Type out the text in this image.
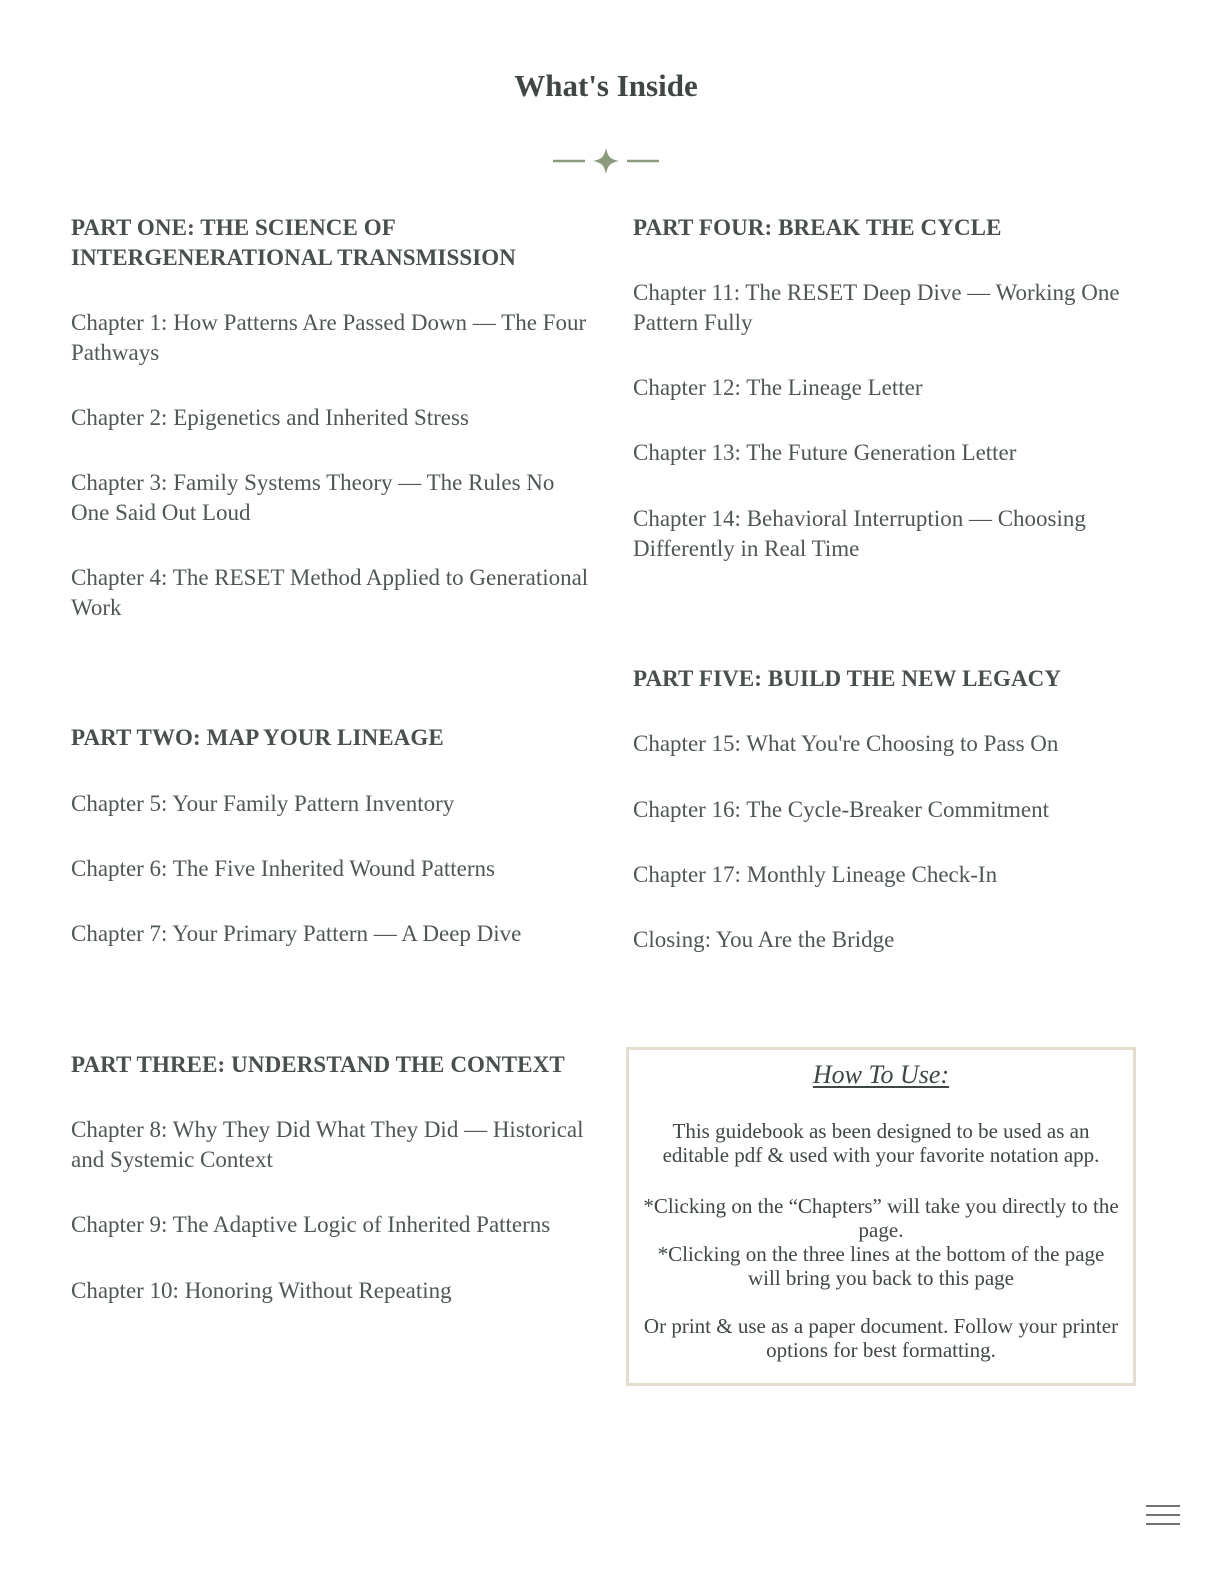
What's Inside
PART ONE: THE SCIENCE OF INTERGENERATIONAL TRANSMISSION

Chapter 1: How Patterns Are Passed Down — The Four Pathways

Chapter 2: Epigenetics and Inherited Stress

Chapter 3: Family Systems Theory — The Rules No One Said Out Loud

Chapter 4: The RESET Method Applied to Generational Work

PART TWO: MAP YOUR LINEAGE

Chapter 5: Your Family Pattern Inventory

Chapter 6: The Five Inherited Wound Patterns

Chapter 7: Your Primary Pattern — A Deep Dive

PART THREE: UNDERSTAND THE CONTEXT

Chapter 8: Why They Did What They Did — Historical and Systemic Context

Chapter 9: The Adaptive Logic of Inherited Patterns

Chapter 10: Honoring Without Repeating

PART FOUR: BREAK THE CYCLE

Chapter 11: The RESET Deep Dive — Working One Pattern Fully

Chapter 12: The Lineage Letter

Chapter 13: The Future Generation Letter

Chapter 14: Behavioral Interruption — Choosing Differently in Real Time

PART FIVE: BUILD THE NEW LEGACY

Chapter 15: What You're Choosing to Pass On

Chapter 16: The Cycle-Breaker Commitment

Chapter 17: Monthly Lineage Check-In

Closing: You Are the Bridge

How To Use:

This guidebook as been designed to be used as an editable pdf & used with your favorite notation app.

*Clicking on the “Chapters” will take you directly to the page.

*Clicking on the three lines at the bottom of the page will bring you back to this page

Or print & use as a paper document. Follow your printer options for best formatting.
